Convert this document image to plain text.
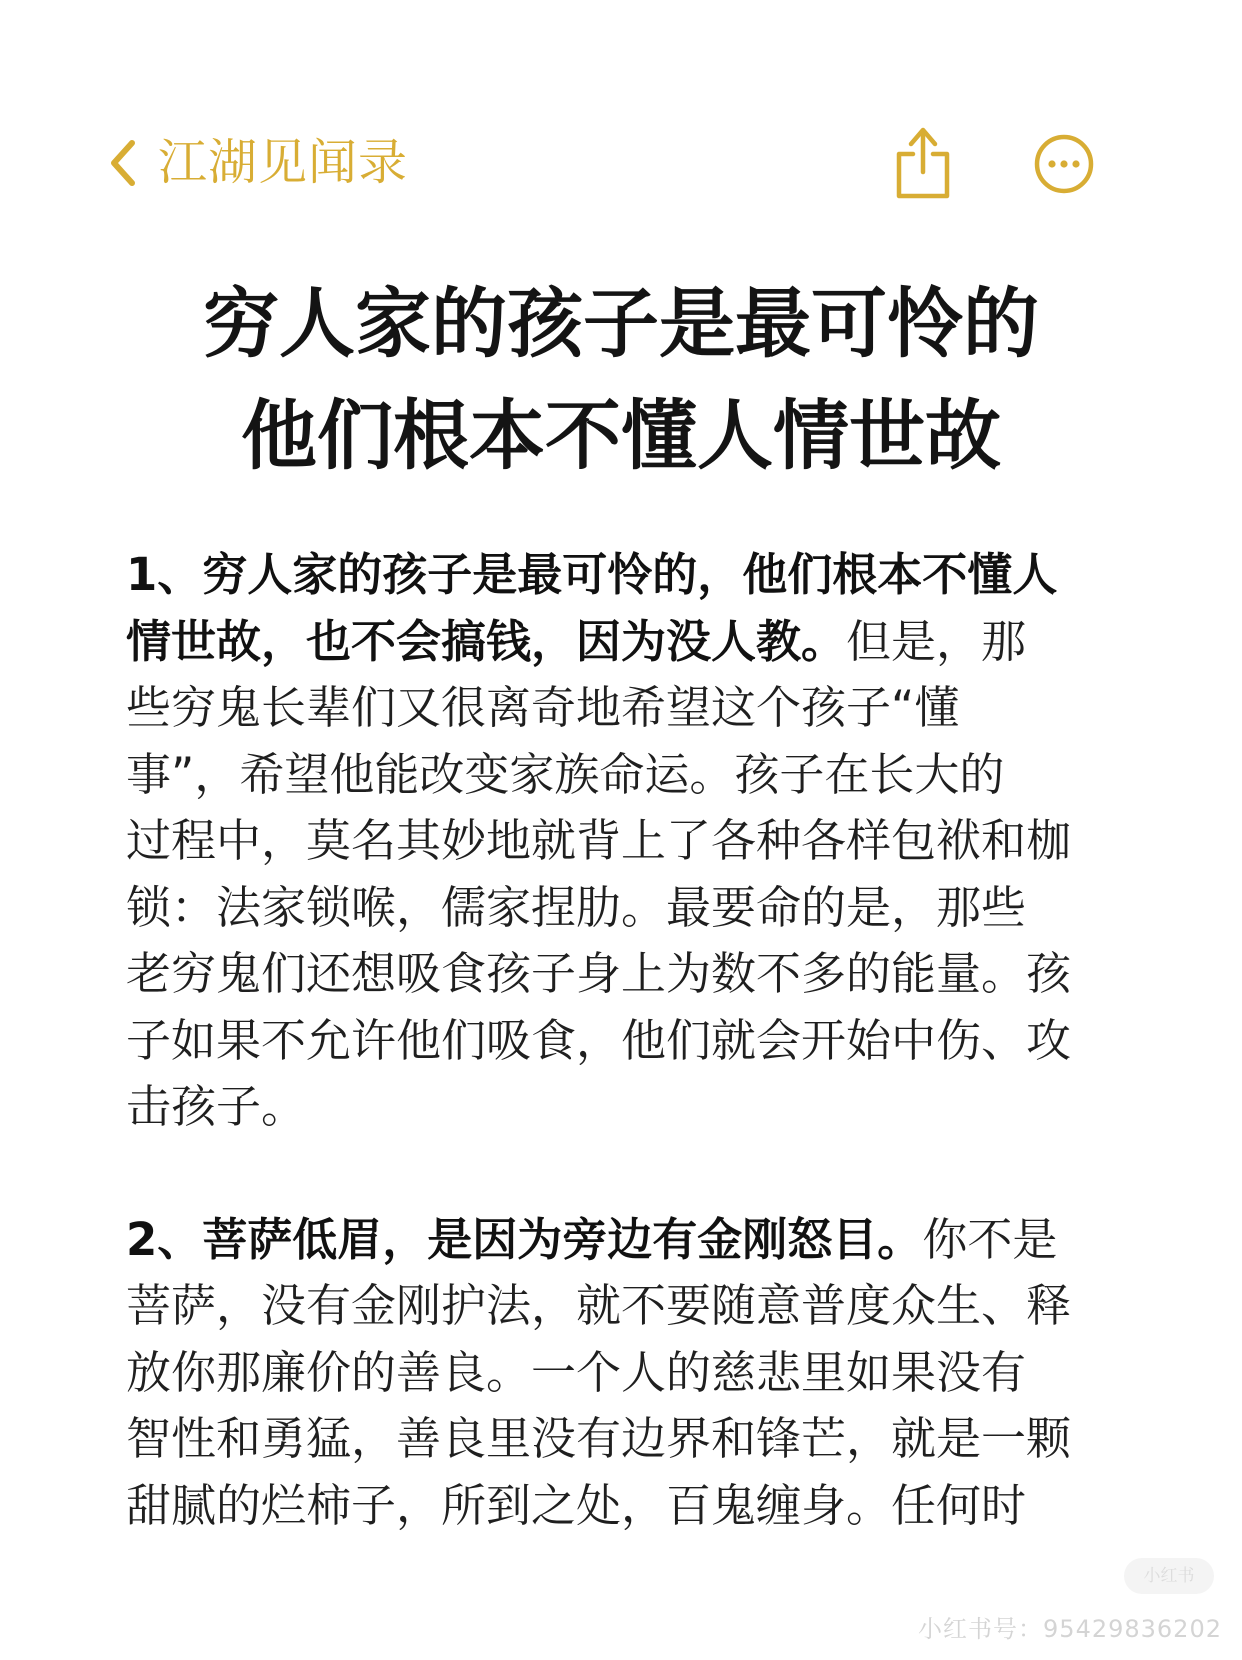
江湖见闻录
穷人家的孩子是最可怜的
他们根本不懂人情世故
1、穷人家的孩子是最可怜的，他们根本不懂人
情世故，也不会搞钱，因为没人教。但是，那
些穷鬼长辈们又很离奇地希望这个孩子“懂
事”，希望他能改变家族命运。孩子在长大的
过程中，莫名其妙地就背上了各种各样包袱和枷
锁：法家锁喉，儒家捏肋。最要命的是，那些
老穷鬼们还想吸食孩子身上为数不多的能量。孩
子如果不允许他们吸食，他们就会开始中伤、攻
击孩子。
2、菩萨低眉，是因为旁边有金刚怒目。你不是
菩萨，没有金刚护法，就不要随意普度众生、释
放你那廉价的善良。一个人的慈悲里如果没有
智性和勇猛，善良里没有边界和锋芒，就是一颗
甜腻的烂柿子，所到之处，百鬼缠身。任何时
小红书
小红书号：954298362​02
